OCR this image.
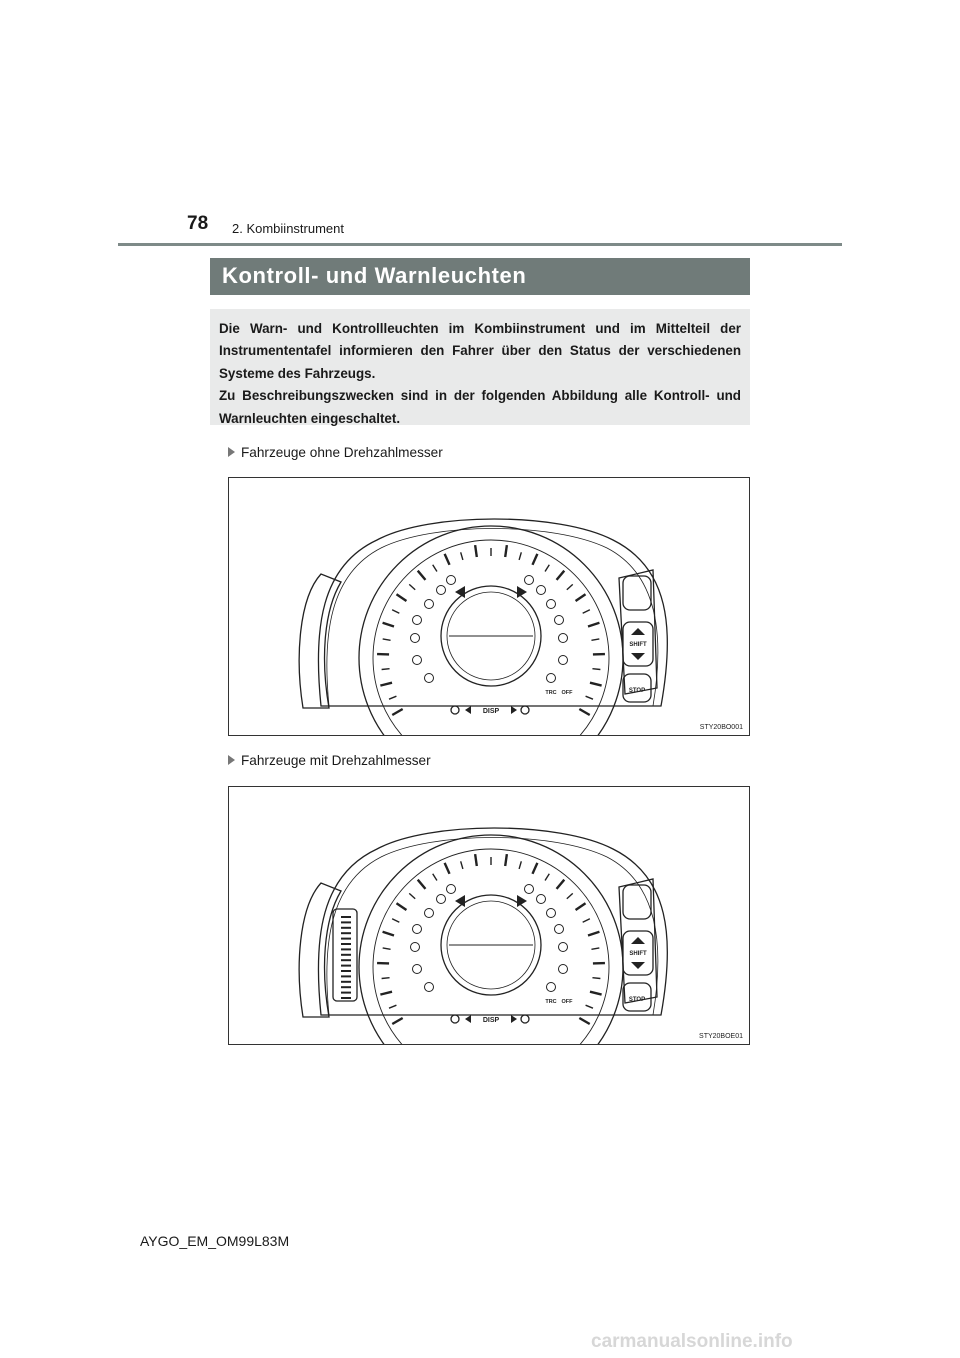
78 2. Kombiinstrument
Kontroll- und Warnleuchten

Die Warn- und Kontrollleuchten im Kombiinstrument und im Mittelteil der Instrumententafel informieren den Fahrer über den Status der verschiedenen Systeme des Fahrzeugs.

Zu Beschreibungszwecken sind in der folgenden Abbildung alle Kontroll- und Warnleuchten eingeschaltet.

Fahrzeuge ohne Drehzahlmesser
SHIFT
STOP
DISP
TRC OFF
STY20BO001
Fahrzeuge mit Drehzahlmesser
SHIFT
STOP
DISP
TRC OFF
STY20BOE01
AYGO_EM_OM99L83M
carmanualsonline.info
